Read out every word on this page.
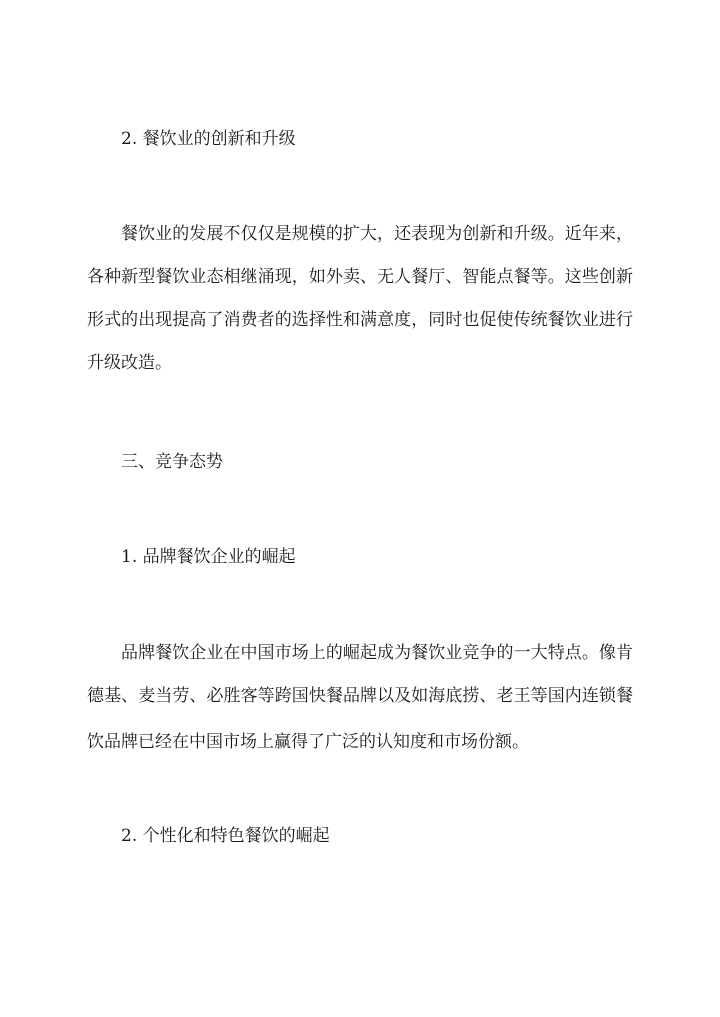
2. 餐饮业的创新和升级

餐饮业的发展不仅仅是规模的扩大，还表现为创新和升级。近年来，

各种新型餐饮业态相继涌现，如外卖、无人餐厅、智能点餐等。这些创新

形式的出现提高了消费者的选择性和满意度，同时也促使传统餐饮业进行

升级改造。

三、竞争态势

1. 品牌餐饮企业的崛起

品牌餐饮企业在中国市场上的崛起成为餐饮业竞争的一大特点。像肯

德基、麦当劳、必胜客等跨国快餐品牌以及如海底捞、老王等国内连锁餐

饮品牌已经在中国市场上赢得了广泛的认知度和市场份额。

2. 个性化和特色餐饮的崛起
